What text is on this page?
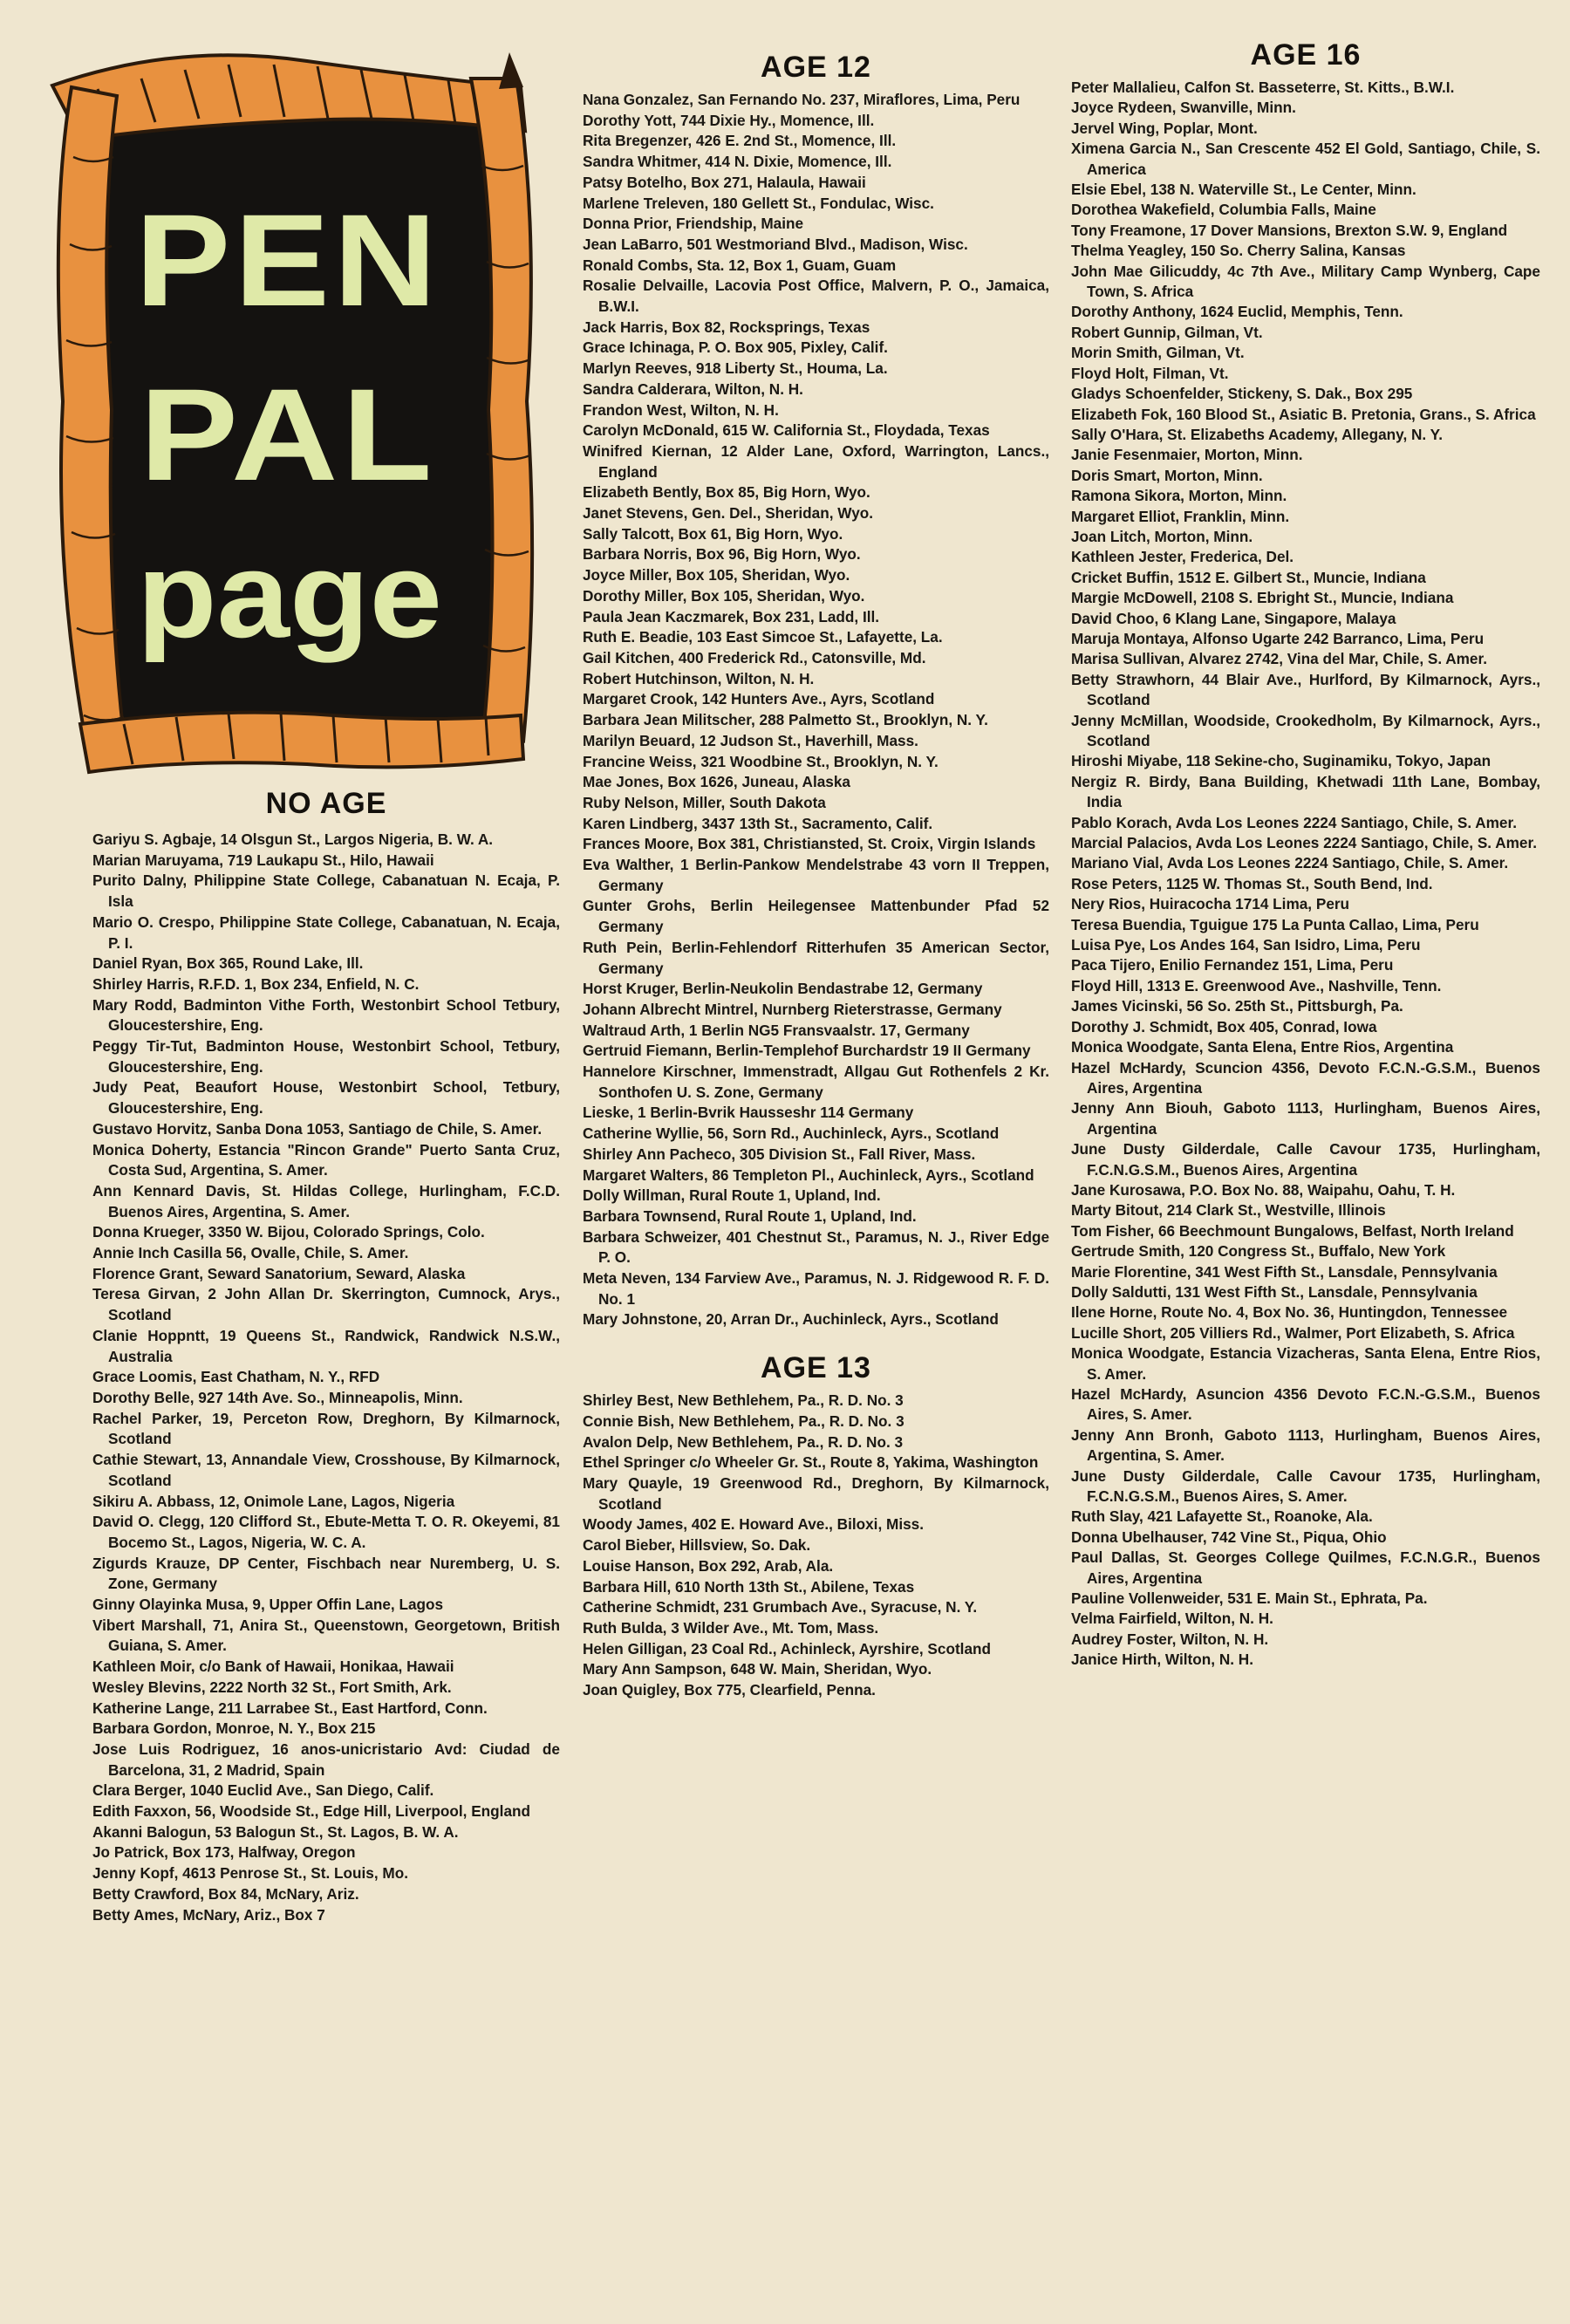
PEN
PAL
page
NO AGE
Gariyu S. Agbaje, 14 Olsgun St., Largos Nigeria, B. W. A.
Marian Maruyama, 719 Laukapu St., Hilo, Hawaii
Purito Dalny, Philippine State College, Cabanatuan N. Ecaja, P. Isla
Mario O. Crespo, Philippine State College, Cabanatuan, N. Ecaja, P. I.
Daniel Ryan, Box 365, Round Lake, Ill.
Shirley Harris, R.F.D. 1, Box 234, Enfield, N. C.
Mary Rodd, Badminton Vithe Forth, Westonbirt School Tetbury, Gloucestershire, Eng.
Peggy Tir-Tut, Badminton House, Westonbirt School, Tetbury, Gloucestershire, Eng.
Judy Peat, Beaufort House, Westonbirt School, Tetbury, Gloucestershire, Eng.
Gustavo Horvitz, Sanba Dona 1053, Santiago de Chile, S. Amer.
Monica Doherty, Estancia "Rincon Grande" Puerto Santa Cruz, Costa Sud, Argentina, S. Amer.
Ann Kennard Davis, St. Hildas College, Hurlingham, F.C.D. Buenos Aires, Argentina, S. Amer.
Donna Krueger, 3350 W. Bijou, Colorado Springs, Colo.
Annie Inch Casilla 56, Ovalle, Chile, S. Amer.
Florence Grant, Seward Sanatorium, Seward, Alaska
Teresa Girvan, 2 John Allan Dr. Skerrington, Cumnock, Arys., Scotland
Clanie Hoppntt, 19 Queens St., Randwick, Randwick N.S.W., Australia
Grace Loomis, East Chatham, N. Y., RFD
Dorothy Belle, 927 14th Ave. So., Minneapolis, Minn.
Rachel Parker, 19, Perceton Row, Dreghorn, By Kilmarnock, Scotland
Cathie Stewart, 13, Annandale View, Crosshouse, By Kilmarnock, Scotland
Sikiru A. Abbass, 12, Onimole Lane, Lagos, Nigeria
David O. Clegg, 120 Clifford St., Ebute-Metta T. O. R. Okeyemi, 81 Bocemo St., Lagos, Nigeria, W. C. A.
Zigurds Krauze, DP Center, Fischbach near Nuremberg, U. S. Zone, Germany
Ginny Olayinka Musa, 9, Upper Offin Lane, Lagos
Vibert Marshall, 71, Anira St., Queenstown, Georgetown, British Guiana, S. Amer.
Kathleen Moir, c/o Bank of Hawaii, Honikaa, Hawaii
Wesley Blevins, 2222 North 32 St., Fort Smith, Ark.
Katherine Lange, 211 Larrabee St., East Hartford, Conn.
Barbara Gordon, Monroe, N. Y., Box 215
Jose Luis Rodriguez, 16 anos-unicristario Avd: Ciudad de Barcelona, 31, 2 Madrid, Spain
Clara Berger, 1040 Euclid Ave., San Diego, Calif.
Edith Faxxon, 56, Woodside St., Edge Hill, Liverpool, England
Akanni Balogun, 53 Balogun St., St. Lagos, B. W. A.
Jo Patrick, Box 173, Halfway, Oregon
Jenny Kopf, 4613 Penrose St., St. Louis, Mo.
Betty Crawford, Box 84, McNary, Ariz.
Betty Ames, McNary, Ariz., Box 7
AGE 12
Nana Gonzalez, San Fernando No. 237, Miraflores, Lima, Peru
Dorothy Yott, 744 Dixie Hy., Momence, Ill.
Rita Bregenzer, 426 E. 2nd St., Momence, Ill.
Sandra Whitmer, 414 N. Dixie, Momence, Ill.
Patsy Botelho, Box 271, Halaula, Hawaii
Marlene Treleven, 180 Gellett St., Fondulac, Wisc.
Donna Prior, Friendship, Maine
Jean LaBarro, 501 Westmoriand Blvd., Madison, Wisc.
Ronald Combs, Sta. 12, Box 1, Guam, Guam
Rosalie Delvaille, Lacovia Post Office, Malvern, P. O., Jamaica, B.W.I.
Jack Harris, Box 82, Rocksprings, Texas
Grace Ichinaga, P. O. Box 905, Pixley, Calif.
Marlyn Reeves, 918 Liberty St., Houma, La.
Sandra Calderara, Wilton, N. H.
Frandon West, Wilton, N. H.
Carolyn McDonald, 615 W. California St., Floydada, Texas
Winifred Kiernan, 12 Alder Lane, Oxford, Warrington, Lancs., England
Elizabeth Bently, Box 85, Big Horn, Wyo.
Janet Stevens, Gen. Del., Sheridan, Wyo.
Sally Talcott, Box 61, Big Horn, Wyo.
Barbara Norris, Box 96, Big Horn, Wyo.
Joyce Miller, Box 105, Sheridan, Wyo.
Dorothy Miller, Box 105, Sheridan, Wyo.
Paula Jean Kaczmarek, Box 231, Ladd, Ill.
Ruth E. Beadie, 103 East Simcoe St., Lafayette, La.
Gail Kitchen, 400 Frederick Rd., Catonsville, Md.
Robert Hutchinson, Wilton, N. H.
Margaret Crook, 142 Hunters Ave., Ayrs, Scotland
Barbara Jean Militscher, 288 Palmetto St., Brooklyn, N. Y.
Marilyn Beuard, 12 Judson St., Haverhill, Mass.
Francine Weiss, 321 Woodbine St., Brooklyn, N. Y.
Mae Jones, Box 1626, Juneau, Alaska
Ruby Nelson, Miller, South Dakota
Karen Lindberg, 3437 13th St., Sacramento, Calif.
Frances Moore, Box 381, Christiansted, St. Croix, Virgin Islands
Eva Walther, 1 Berlin-Pankow Mendelstrabe 43 vorn II Treppen, Germany
Gunter Grohs, Berlin Heilegensee Mattenbunder Pfad 52 Germany
Ruth Pein, Berlin-Fehlendorf Ritterhufen 35 American Sector, Germany
Horst Kruger, Berlin-Neukolin Bendastrabe 12, Germany
Johann Albrecht Mintrel, Nurnberg Rieterstrasse, Germany
Waltraud Arth, 1 Berlin NG5 Fransvaalstr. 17, Germany
Gertruid Fiemann, Berlin-Templehof Burchardstr 19 II Germany
Hannelore Kirschner, Immenstradt, Allgau Gut Rothenfels 2 Kr. Sonthofen U. S. Zone, Germany
Lieske, 1 Berlin-Bvrik Hausseshr 114 Germany
Catherine Wyllie, 56, Sorn Rd., Auchinleck, Ayrs., Scotland
Shirley Ann Pacheco, 305 Division St., Fall River, Mass.
Margaret Walters, 86 Templeton Pl., Auchinleck, Ayrs., Scotland
Dolly Willman, Rural Route 1, Upland, Ind.
Barbara Townsend, Rural Route 1, Upland, Ind.
Barbara Schweizer, 401 Chestnut St., Paramus, N. J., River Edge P. O.
Meta Neven, 134 Farview Ave., Paramus, N. J. Ridgewood R. F. D. No. 1
Mary Johnstone, 20, Arran Dr., Auchinleck, Ayrs., Scotland
AGE 13
Shirley Best, New Bethlehem, Pa., R. D. No. 3
Connie Bish, New Bethlehem, Pa., R. D. No. 3
Avalon Delp, New Bethlehem, Pa., R. D. No. 3
Ethel Springer c/o Wheeler Gr. St., Route 8, Yakima, Washington
Mary Quayle, 19 Greenwood Rd., Dreghorn, By Kilmarnock, Scotland
Woody James, 402 E. Howard Ave., Biloxi, Miss.
Carol Bieber, Hillsview, So. Dak.
Louise Hanson, Box 292, Arab, Ala.
Barbara Hill, 610 North 13th St., Abilene, Texas
Catherine Schmidt, 231 Grumbach Ave., Syracuse, N. Y.
Ruth Bulda, 3 Wilder Ave., Mt. Tom, Mass.
Helen Gilligan, 23 Coal Rd., Achinleck, Ayrshire, Scotland
Mary Ann Sampson, 648 W. Main, Sheridan, Wyo.
Joan Quigley, Box 775, Clearfield, Penna.
AGE 16
Peter Mallalieu, Calfon St. Basseterre, St. Kitts., B.W.I.
Joyce Rydeen, Swanville, Minn.
Jervel Wing, Poplar, Mont.
Ximena Garcia N., San Crescente 452 El Gold, Santiago, Chile, S. America
Elsie Ebel, 138 N. Waterville St., Le Center, Minn.
Dorothea Wakefield, Columbia Falls, Maine
Tony Freamone, 17 Dover Mansions, Brexton S.W. 9, England
Thelma Yeagley, 150 So. Cherry Salina, Kansas
John Mae Gilicuddy, 4c 7th Ave., Military Camp Wynberg, Cape Town, S. Africa
Dorothy Anthony, 1624 Euclid, Memphis, Tenn.
Robert Gunnip, Gilman, Vt.
Morin Smith, Gilman, Vt.
Floyd Holt, Filman, Vt.
Gladys Schoenfelder, Stickeny, S. Dak., Box 295
Elizabeth Fok, 160 Blood St., Asiatic B. Pretonia, Grans., S. Africa
Sally O'Hara, St. Elizabeths Academy, Allegany, N. Y.
Janie Fesenmaier, Morton, Minn.
Doris Smart, Morton, Minn.
Ramona Sikora, Morton, Minn.
Margaret Elliot, Franklin, Minn.
Joan Litch, Morton, Minn.
Kathleen Jester, Frederica, Del.
Cricket Buffin, 1512 E. Gilbert St., Muncie, Indiana
Margie McDowell, 2108 S. Ebright St., Muncie, Indiana
David Choo, 6 Klang Lane, Singapore, Malaya
Maruja Montaya, Alfonso Ugarte 242 Barranco, Lima, Peru
Marisa Sullivan, Alvarez 2742, Vina del Mar, Chile, S. Amer.
Betty Strawhorn, 44 Blair Ave., Hurlford, By Kilmarnock, Ayrs., Scotland
Jenny McMillan, Woodside, Crookedholm, By Kilmarnock, Ayrs., Scotland
Hiroshi Miyabe, 118 Sekine-cho, Suginamiku, Tokyo, Japan
Nergiz R. Birdy, Bana Building, Khetwadi 11th Lane, Bombay, India
Pablo Korach, Avda Los Leones 2224 Santiago, Chile, S. Amer.
Marcial Palacios, Avda Los Leones 2224 Santiago, Chile, S. Amer.
Mariano Vial, Avda Los Leones 2224 Santiago, Chile, S. Amer.
Rose Peters, 1125 W. Thomas St., South Bend, Ind.
Nery Rios, Huiracocha 1714 Lima, Peru
Teresa Buendia, Tguigue 175 La Punta Callao, Lima, Peru
Luisa Pye, Los Andes 164, San Isidro, Lima, Peru
Paca Tijero, Enilio Fernandez 151, Lima, Peru
Floyd Hill, 1313 E. Greenwood Ave., Nashville, Tenn.
James Vicinski, 56 So. 25th St., Pittsburgh, Pa.
Dorothy J. Schmidt, Box 405, Conrad, Iowa
Monica Woodgate, Santa Elena, Entre Rios, Argentina
Hazel McHardy, Scuncion 4356, Devoto F.C.N.-G.S.M., Buenos Aires, Argentina
Jenny Ann Biouh, Gaboto 1113, Hurlingham, Buenos Aires, Argentina
June Dusty Gilderdale, Calle Cavour 1735, Hurlingham, F.C.N.G.S.M., Buenos Aires, Argentina
Jane Kurosawa, P.O. Box No. 88, Waipahu, Oahu, T. H.
Marty Bitout, 214 Clark St., Westville, Illinois
Tom Fisher, 66 Beechmount Bungalows, Belfast, North Ireland
Gertrude Smith, 120 Congress St., Buffalo, New York
Marie Florentine, 341 West Fifth St., Lansdale, Pennsylvania
Dolly Saldutti, 131 West Fifth St., Lansdale, Pennsylvania
Ilene Horne, Route No. 4, Box No. 36, Huntingdon, Tennessee
Lucille Short, 205 Villiers Rd., Walmer, Port Elizabeth, S. Africa
Monica Woodgate, Estancia Vizacheras, Santa Elena, Entre Rios, S. Amer.
Hazel McHardy, Asuncion 4356 Devoto F.C.N.-G.S.M., Buenos Aires, S. Amer.
Jenny Ann Bronh, Gaboto 1113, Hurlingham, Buenos Aires, Argentina, S. Amer.
June Dusty Gilderdale, Calle Cavour 1735, Hurlingham, F.C.N.G.S.M., Buenos Aires, S. Amer.
Ruth Slay, 421 Lafayette St., Roanoke, Ala.
Donna Ubelhauser, 742 Vine St., Piqua, Ohio
Paul Dallas, St. Georges College Quilmes, F.C.N.G.R., Buenos Aires, Argentina
Pauline Vollenweider, 531 E. Main St., Ephrata, Pa.
Velma Fairfield, Wilton, N. H.
Audrey Foster, Wilton, N. H.
Janice Hirth, Wilton, N. H.
